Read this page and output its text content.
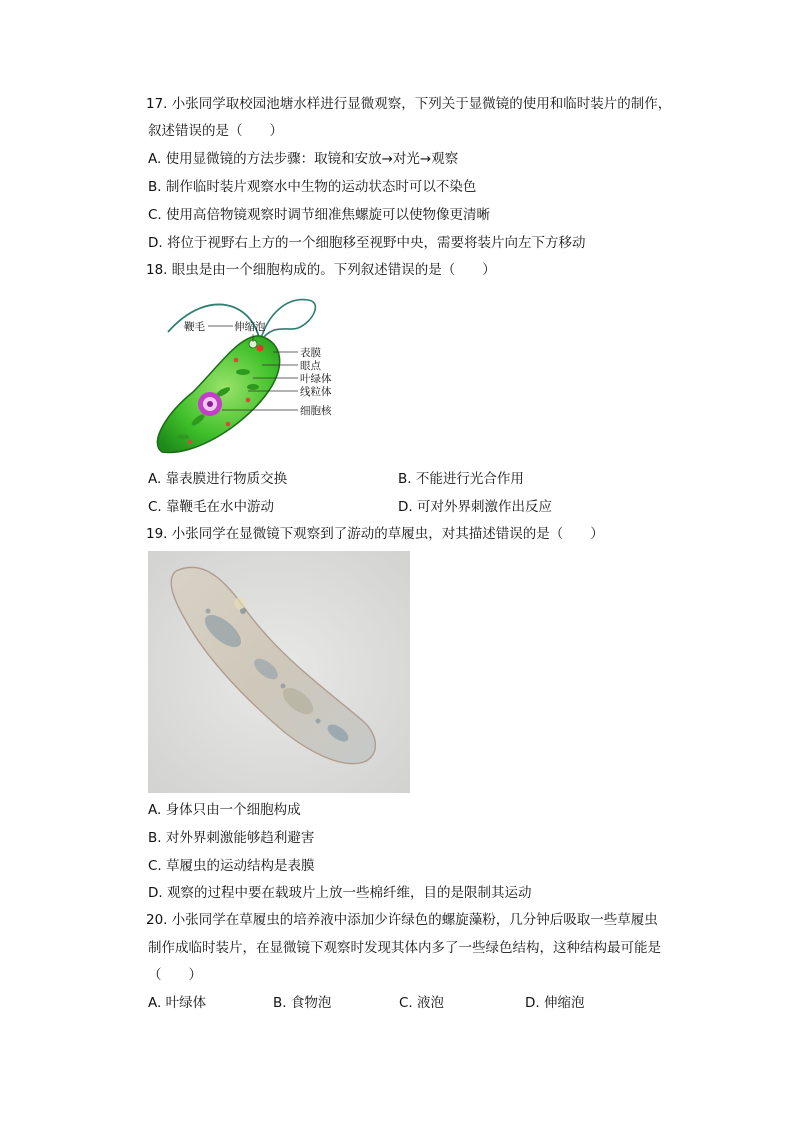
17. 小张同学取校园池塘水样进行显微观察，下列关于显微镜的使用和临时装片的制作，
叙述错误的是（　　）
A. 使用显微镜的方法步骤：取镜和安放→对光→观察
B. 制作临时装片观察水中生物的运动状态时可以不染色
C. 使用高倍物镜观察时调节细准焦螺旋可以使物像更清晰
D. 将位于视野右上方的一个细胞移至视野中央，需要将装片向左下方移动
18. 眼虫是由一个细胞构成的。下列叙述错误的是（　　）
鞭毛	伸缩泡
表膜
眼点
叶绿体
线粒体
细胞核
A. 靠表膜进行物质交换	B. 不能进行光合作用
C. 靠鞭毛在水中游动	D. 可对外界刺激作出反应
19. 小张同学在显微镜下观察到了游动的草履虫，对其描述错误的是（　　）
A. 身体只由一个细胞构成
B. 对外界刺激能够趋利避害
C. 草履虫的运动结构是表膜
D. 观察的过程中要在载玻片上放一些棉纤维，目的是限制其运动
20. 小张同学在草履虫的培养液中添加少许绿色的螺旋藻粉，几分钟后吸取一些草履虫
制作成临时装片，在显微镜下观察时发现其体内多了一些绿色结构，这种结构最可能是
（　　）
A. 叶绿体	B. 食物泡	C. 液泡	D. 伸缩泡
